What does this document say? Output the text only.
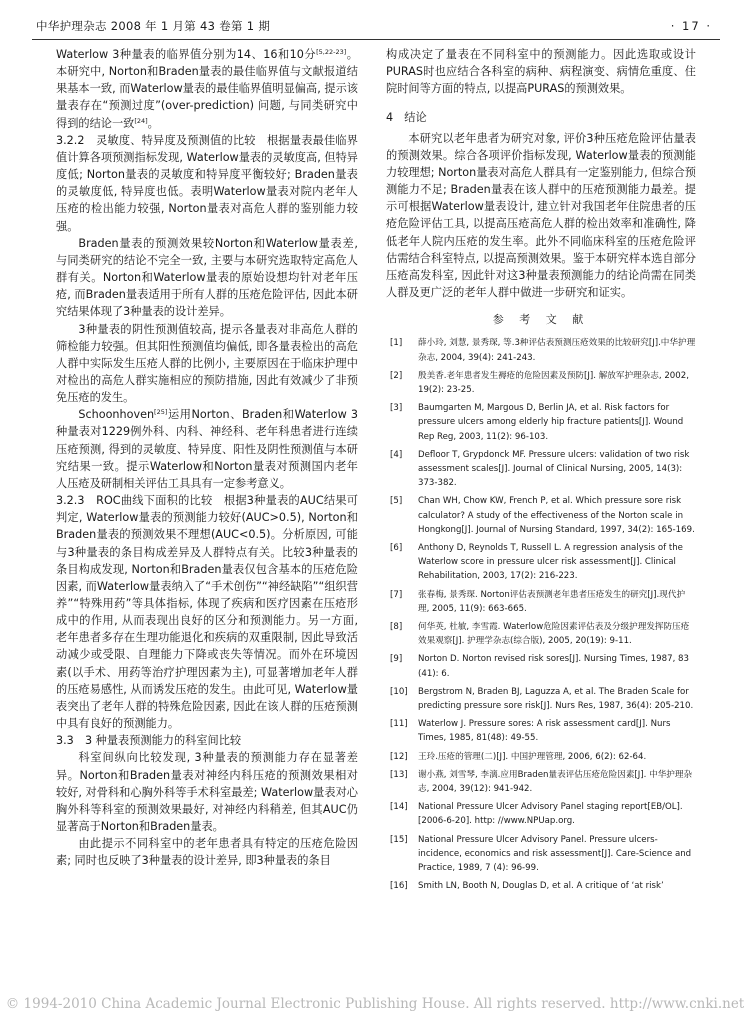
中华护理杂志 2008 年 1 月第 43 卷第 1 期	· 17 ·

Waterlow 3种量表的临界值分别为14、16和10分[5,22-23]。本研究中, Norton和Braden量表的最佳临界值与文献报道结果基本一致, 而Waterlow量表的最佳临界值明显偏高, 提示该量表存在“预测过度”(over-prediction) 问题, 与同类研究中得到的结论一致[24]。

3.2.2　灵敏度、特异度及预测值的比较　根据量表最佳临界值计算各项预测指标发现, Waterlow量表的灵敏度高, 但特异度低; Norton量表的灵敏度和特异度平衡较好; Braden量表的灵敏度低, 特异度也低。表明Waterlow量表对院内老年人压疮的检出能力较强, Norton量表对高危人群的鉴别能力较强。

Braden量表的预测效果较Norton和Waterlow量表差, 与同类研究的结论不完全一致, 主要与本研究选取特定高危人群有关。Norton和Waterlow量表的原始设想均针对老年压疮, 而Braden量表适用于所有人群的压疮危险评估, 因此本研究结果体现了3种量表的设计差异。

3种量表的阴性预测值较高, 提示各量表对非高危人群的筛检能力较强。但其阳性预测值均偏低, 即各量表检出的高危人群中实际发生压疮人群的比例小, 主要原因在于临床护理中对检出的高危人群实施相应的预防措施, 因此有效减少了非预免压疮的发生。

Schoonhoven[25]运用Norton、Braden和Waterlow 3种量表对1229例外科、内科、神经科、老年科患者进行连续压疮预测, 得到的灵敏度、特异度、阳性及阴性预测值与本研究结果一致。提示Waterlow和Norton量表对预测国内老年人压疮及研制相关评估工具具有一定参考意义。

3.2.3　ROC曲线下面积的比较　根据3种量表的AUC结果可判定, Waterlow量表的预测能力较好(AUC>0.5), Norton和Braden量表的预测效果不理想(AUC<0.5)。分析原因, 可能与3种量表的条目构成差异及人群特点有关。比较3种量表的条目构成发现, Norton和Braden量表仅包含基本的压疮危险因素, 而Waterlow量表纳入了“手术创伤”“神经缺陷”“组织营养”“特殊用药”等具体指标, 体现了疾病和医疗因素在压疮形成中的作用, 从而表现出良好的区分和预测能力。另一方面, 老年患者多存在生理功能退化和疾病的双重限制, 因此导致活动减少或受限、自理能力下降或丧失等情况。而外在环境因素(以手术、用药等治疗护理因素为主), 可显著增加老年人群的压疮易感性, 从而诱发压疮的发生。由此可见, Waterlow量表突出了老年人群的特殊危险因素, 因此在该人群的压疮预测中具有良好的预测能力。

3.3　3 种量表预测能力的科室间比较

科室间纵向比较发现, 3种量表的预测能力存在显著差异。Norton和Braden量表对神经内科压疮的预测效果相对较好, 对骨科和心胸外科等手术科室最差; Waterlow量表对心胸外科等科室的预测效果最好, 对神经内科稍差, 但其AUC仍显著高于Norton和Braden量表。

由此提示不同科室中的老年患者具有特定的压疮危险因素; 同时也反映了3种量表的设计差异, 即3种量表的条目

构成决定了量表在不同科室中的预测能力。因此选取或设计PURAS时也应结合各科室的病种、病程演变、病情危重度、住院时间等方面的特点, 以提高PURAS的预测效果。

4　结论

本研究以老年患者为研究对象, 评价3种压疮危险评估量表的预测效果。综合各项评价指标发现, Waterlow量表的预测能力较理想; Norton量表对高危人群具有一定鉴别能力, 但综合预测能力不足; Braden量表在该人群中的压疮预测能力最差。提示可根据Waterlow量表设计, 建立针对我国老年住院患者的压疮危险评估工具, 以提高压疮高危人群的检出效率和准确性, 降低老年人院内压疮的发生率。此外不同临床科室的压疮危险评估需结合科室特点, 以提高预测效果。鉴于本研究样本选自部分压疮高发科室, 因此针对这3种量表预测能力的结论尚需在同类人群及更广泛的老年人群中做进一步研究和证实。

参 考 文 献

[1] 薛小玲, 刘慧, 景秀琛, 等.3种评估表预测压疮效果的比较研究[J].中华护理杂志, 2004, 39(4): 241-243.

[2] 殷美香.老年患者发生褥疮的危险因素及预防[J]. 解放军护理杂志, 2002, 19(2): 23-25.

[3] Baumgarten M, Margous D, Berlin JA, et al. Risk factors for pressure ulcers among elderly hip fracture patients[J]. Wound Rep Reg, 2003, 11(2): 96-103.

[4] Defloor T, Grypdonck MF. Pressure ulcers: validation of two risk assessment scales[J]. Journal of Clinical Nursing, 2005, 14(3): 373-382.

[5] Chan WH, Chow KW, French P, et al. Which pressure sore risk calculator? A study of the effectiveness of the Norton scale in Hongkong[J]. Journal of Nursing Standard, 1997, 34(2): 165-169.

[6] Anthony D, Reynolds T, Russell L. A regression analysis of the Waterlow score in pressure ulcer risk assessment[J]. Clinical Rehabilitation, 2003, 17(2): 216-223.

[7] 张春梅, 景秀琛. Norton评估表预测老年患者压疮发生的研究[J].现代护理, 2005, 11(9): 663-665.

[8] 何华英, 杜敏, 李雪霞. Waterlow危险因素评估表及分级护理发挥防压疮效果观察[J]. 护理学杂志(综合版), 2005, 20(19): 9-11.

[9] Norton D. Norton revised risk sores[J]. Nursing Times, 1987, 83 (41): 6.

[10] Bergstrom N, Braden BJ, Laguzza A, et al. The Braden Scale for predicting pressure sore risk[J]. Nurs Res, 1987, 36(4): 205-210.

[11] Waterlow J. Pressure sores: A risk assessment card[J]. Nurs Times, 1985, 81(48): 49-55.

[12] 王玲.压疮的管理(二)[J]. 中国护理管理, 2006, 6(2): 62-64.

[13] 谢小燕, 刘雪琴, 李漓.应用Braden量表评估压疮危险因素[J]. 中华护理杂志, 2004, 39(12): 941-942.

[14] National Pressure Ulcer Advisory Panel staging report[EB/OL]. [2006-6-20]. http: //www.NPUap.org.

[15] National Pressure Ulcer Advisory Panel. Pressure ulcers-incidence, economics and risk assessment[J]. Care-Science and Practice, 1989, 7 (4): 96-99.

[16] Smith LN, Booth N, Douglas D, et al. A critique of ‘at risk’

© 1994-2010 China Academic Journal Electronic Publishing House. All rights reserved. http://www.cnki.net
